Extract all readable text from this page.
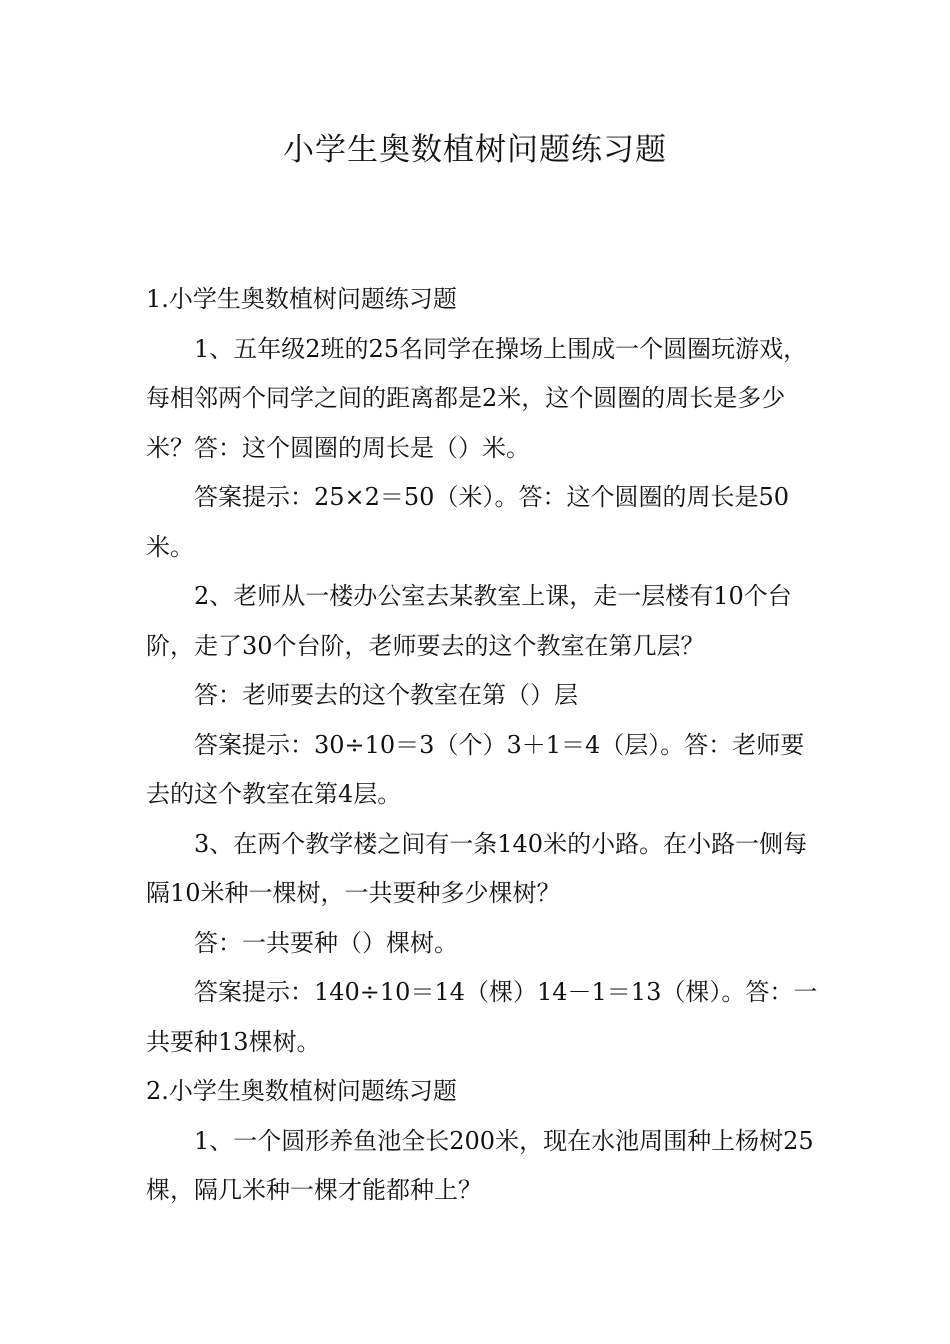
小学生奥数植树问题练习题

1.小学生奥数植树问题练习题

1、五年级2班的25名同学在操场上围成一个圆圈玩游戏，每相邻两个同学之间的距离都是2米，这个圆圈的周长是多少米？答：这个圆圈的周长是（）米。

答案提示：25×2＝50（米）。答：这个圆圈的周长是50米。

2、老师从一楼办公室去某教室上课，走一层楼有10个台阶，走了30个台阶，老师要去的这个教室在第几层？

答：老师要去的这个教室在第（）层

答案提示：30÷10＝3（个）3＋1＝4（层）。答：老师要去的这个教室在第4层。

3、在两个教学楼之间有一条140米的小路。在小路一侧每隔10米种一棵树，一共要种多少棵树？

答：一共要种（）棵树。

答案提示：140÷10＝14（棵）14－1＝13（棵）。答：一共要种13棵树。

2.小学生奥数植树问题练习题

1、一个圆形养鱼池全长200米，现在水池周围种上杨树25棵，隔几米种一棵才能都种上？
